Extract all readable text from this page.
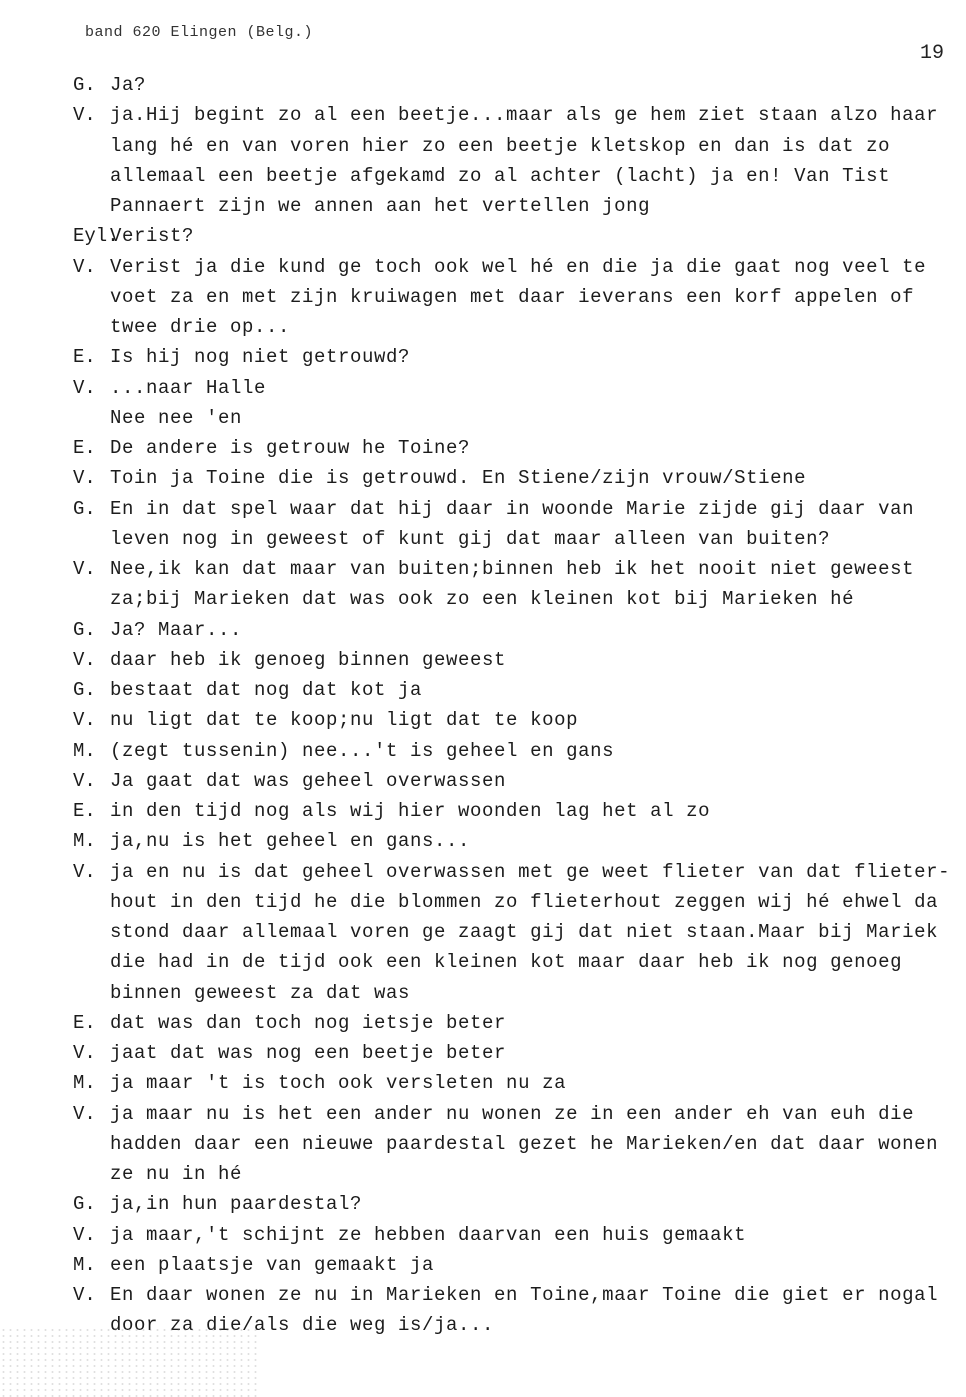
band 620 Elingen (Belg.)
19
G. Ja?
V. ja.Hij begint zo al een beetje...maar als ge hem ziet staan alzo haar
lang hé en van voren hier zo een beetje kletskop en dan is dat zo
allemaal een beetje afgekamd zo al achter (lacht) ja en! Van Tist
Pannaert zijn we annen aan het vertellen jong
Eyl.
Verist?
V. Verist ja die kund ge toch ook wel hé en die ja die gaat nog veel te
voet za en met zijn kruiwagen met daar ieverans een korf appelen of
twee drie op...
E. Is hij nog niet getrouwd?
V. ...naar Halle
Nee nee 'en
E. De andere is getrouw he Toine?
V. Toin ja Toine die is getrouwd. En Stiene/zijn vrouw/Stiene
G. En in dat spel waar dat hij daar in woonde Marie zijde gij daar van
leven nog in geweest of kunt gij dat maar alleen van buiten?
V. Nee,ik kan dat maar van buiten;binnen heb ik het nooit niet geweest
za;bij Marieken dat was ook zo een kleinen kot bij Marieken hé
G. Ja? Maar...
V. daar heb ik genoeg binnen geweest
G. bestaat dat nog dat kot ja
V. nu ligt dat te koop;nu ligt dat te koop
M. (zegt tussenin) nee...'t is geheel en gans
V. Ja gaat dat was geheel overwassen
E. in den tijd nog als wij hier woonden lag het al zo
M. ja,nu is het geheel en gans...
V. ja en nu is dat geheel overwassen met ge weet flieter van dat flieter-
hout in den tijd he die blommen zo flieterhout zeggen wij hé ehwel da
stond daar allemaal voren ge zaagt gij dat niet staan.Maar bij Mariek
die had in de tijd ook een kleinen kot maar daar heb ik nog genoeg
binnen geweest za dat was
E. dat was dan toch nog ietsje beter
V. jaat dat was nog een beetje beter
M. ja maar 't is toch ook versleten nu za
V. ja maar nu is het een ander nu wonen ze in een ander eh van euh die
hadden daar een nieuwe paardestal gezet he Marieken/en dat daar wonen
ze nu in hé
G. ja,in hun paardestal?
V. ja maar,'t schijnt ze hebben daarvan een huis gemaakt
M. een plaatsje van gemaakt ja
V. En daar wonen ze nu in Marieken en Toine,maar Toine die giet er nogal
door za die/als die weg is/ja...
